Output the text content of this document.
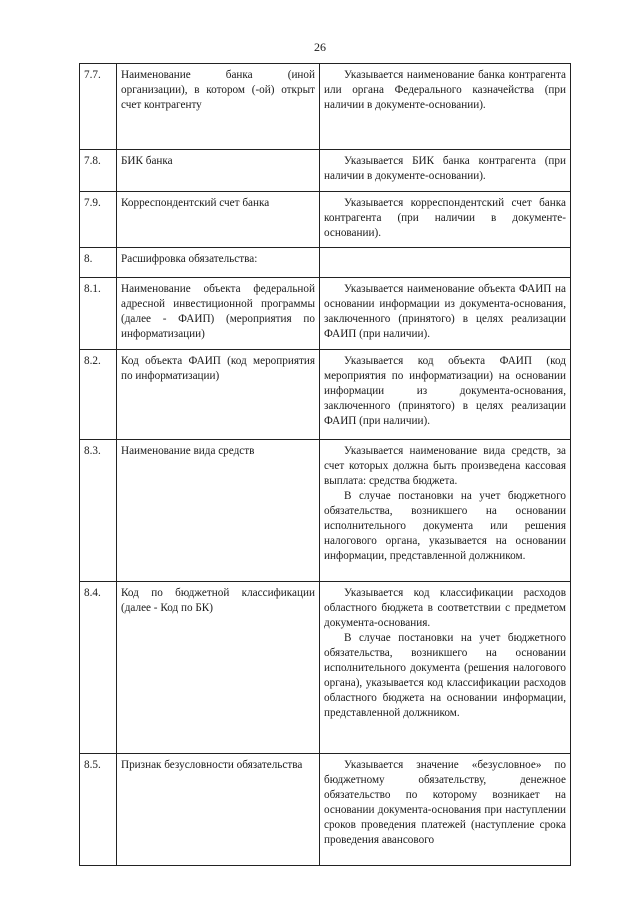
26
7.7.	Наименование банка (иной организации), в котором (-ой) открыт счет контрагенту	Указывается наименование банка контрагента или органа Федерального казначейства (при наличии в документе-основании).

7.8.	БИК банка	Указывается БИК банка контрагента (при наличии в документе-основании).

7.9.	Корреспондентский счет банка	Указывается корреспондентский счет банка контрагента (при наличии в документе-основании).

8.	Расшифровка обязательства:	
8.1.	Наименование объекта федеральной адресной инвестиционной программы (далее - ФАИП) (мероприятия по информатизации)	Указывается наименование объекта ФАИП на основании информации из документа-основания, заключенного (принятого) в целях реализации ФАИП (при наличии).

8.2.	Код объекта ФАИП (код мероприятия по информатизации)	Указывается код объекта ФАИП (код мероприятия по информатизации) на основании информации из документа-основания, заключенного (принятого) в целях реализации ФАИП (при наличии).

8.3.	Наименование вида средств	Указывается наименование вида средств, за счет которых должна быть произведена кассовая выплата: средства бюджета.

В случае постановки на учет бюджетного обязательства, возникшего на основании исполнительного документа или решения налогового органа, указывается на основании информации, представленной должником.

8.4.	Код по бюджетной классификации (далее - Код по БК)	Указывается код классификации расходов областного бюджета в соответствии с предметом документа-основания.

В случае постановки на учет бюджетного обязательства, возникшего на основании исполнительного документа (решения налогового органа), указывается код классификации расходов областного бюджета на основании информации, представленной должником.

8.5.	Признак безусловности обязательства	Указывается значение «безусловное» по бюджетному обязательству, денежное обязательство по которому возникает на основании документа-основания при наступлении сроков проведения платежей (наступление срока проведения авансового
